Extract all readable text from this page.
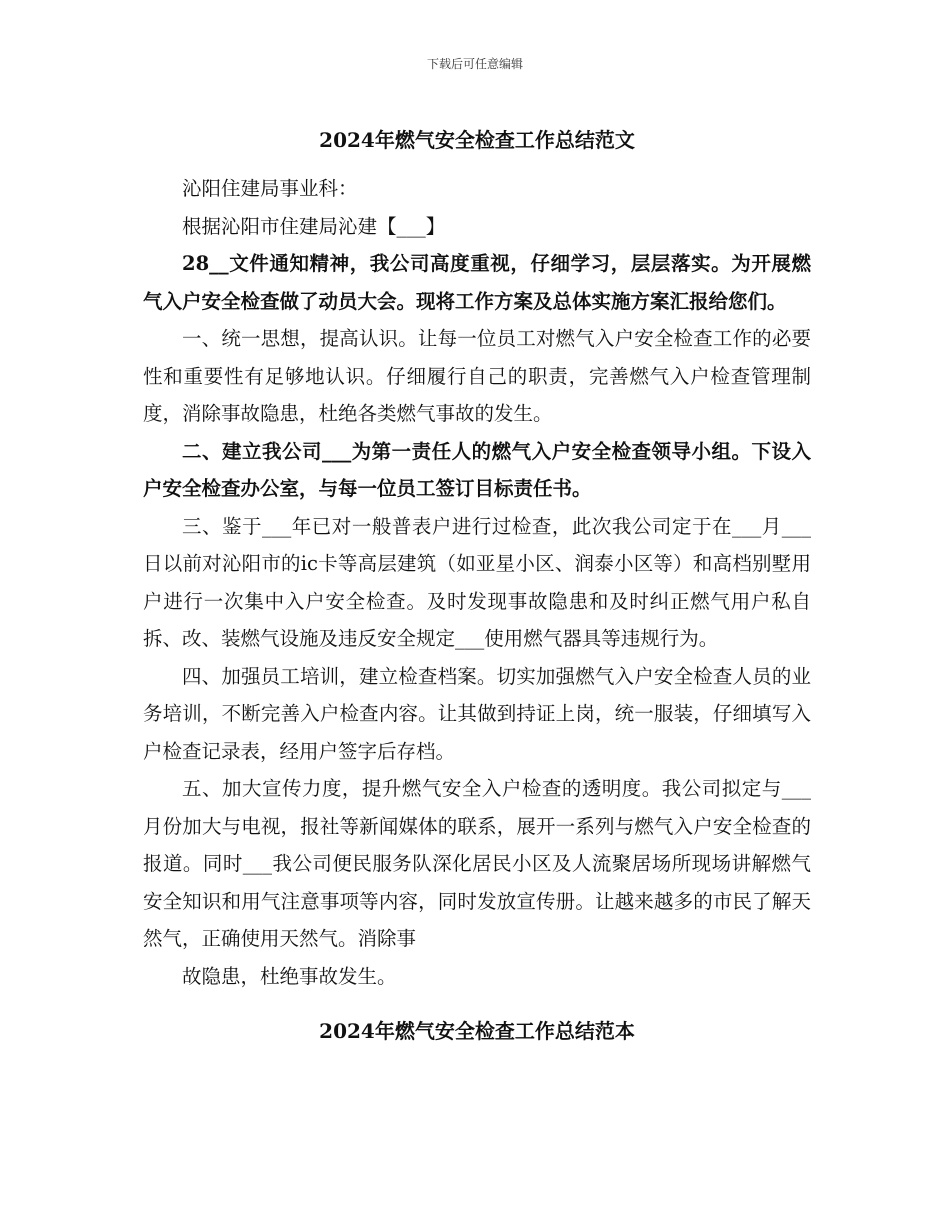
下载后可任意编辑
2024年燃气安全检查工作总结范文

沁阳住建局事业科：

根据沁阳市住建局沁建【___】

28__文件通知精神，我公司高度重视，仔细学习，层层落实。为开展燃气入户安全检查做了动员大会。现将工作方案及总体实施方案汇报给您们。

一、统一思想，提高认识。让每一位员工对燃气入户安全检查工作的必要性和重要性有足够地认识。仔细履行自己的职责，完善燃气入户检查管理制度，消除事故隐患，杜绝各类燃气事故的发生。

二、建立我公司___为第一责任人的燃气入户安全检查领导小组。下设入户安全检查办公室，与每一位员工签订目标责任书。

三、鉴于___年已对一般普表户进行过检查，此次我公司定于在___月___日以前对沁阳市的ic卡等高层建筑（如亚星小区、润泰小区等）和高档别墅用户进行一次集中入户安全检查。及时发现事故隐患和及时纠正燃气用户私自拆、改、装燃气设施及违反安全规定___使用燃气器具等违规行为。

四、加强员工培训，建立检查档案。切实加强燃气入户安全检查人员的业务培训，不断完善入户检查内容。让其做到持证上岗，统一服装，仔细填写入户检查记录表，经用户签字后存档。

五、加大宣传力度，提升燃气安全入户检查的透明度。我公司拟定与___月份加大与电视，报社等新闻媒体的联系，展开一系列与燃气入户安全检查的报道。同时___我公司便民服务队深化居民小区及人流聚居场所现场讲解燃气安全知识和用气注意事项等内容，同时发放宣传册。让越来越多的市民了解天然气，正确使用天然气。消除事

故隐患，杜绝事故发生。

2024年燃气安全检查工作总结范本
